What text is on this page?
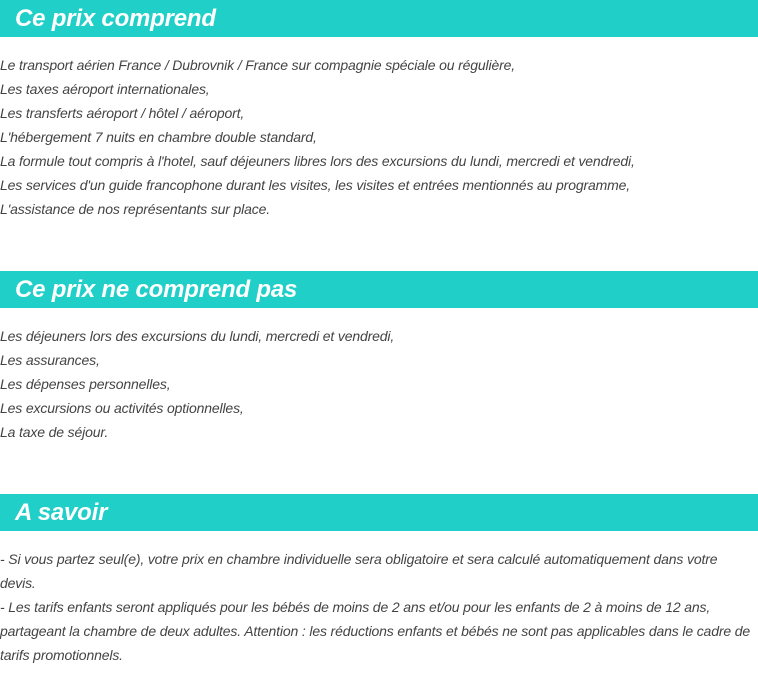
Ce prix comprend
Le transport aérien France / Dubrovnik / France sur compagnie spéciale ou régulière,
Les taxes aéroport internationales,
Les transferts aéroport / hôtel / aéroport,
L'hébergement 7 nuits en chambre double standard,
La formule tout compris à l'hotel, sauf déjeuners libres lors des excursions du lundi, mercredi et vendredi,
Les services d'un guide francophone durant les visites, les visites et entrées mentionnés au programme,
L'assistance de nos représentants sur place.
Ce prix ne comprend pas
Les déjeuners lors des excursions du lundi, mercredi et vendredi,
Les assurances,
Les dépenses personnelles,
Les excursions ou activités optionnelles,
La taxe de séjour.
A savoir

- Si vous partez seul(e), votre prix en chambre individuelle sera obligatoire et sera calculé automatiquement dans votre devis.

- Les tarifs enfants seront appliqués pour les bébés de moins de 2 ans et/ou pour les enfants de 2 à moins de 12 ans, partageant la chambre de deux adultes. Attention : les réductions enfants et bébés ne sont pas applicables dans le cadre de tarifs promotionnels.
